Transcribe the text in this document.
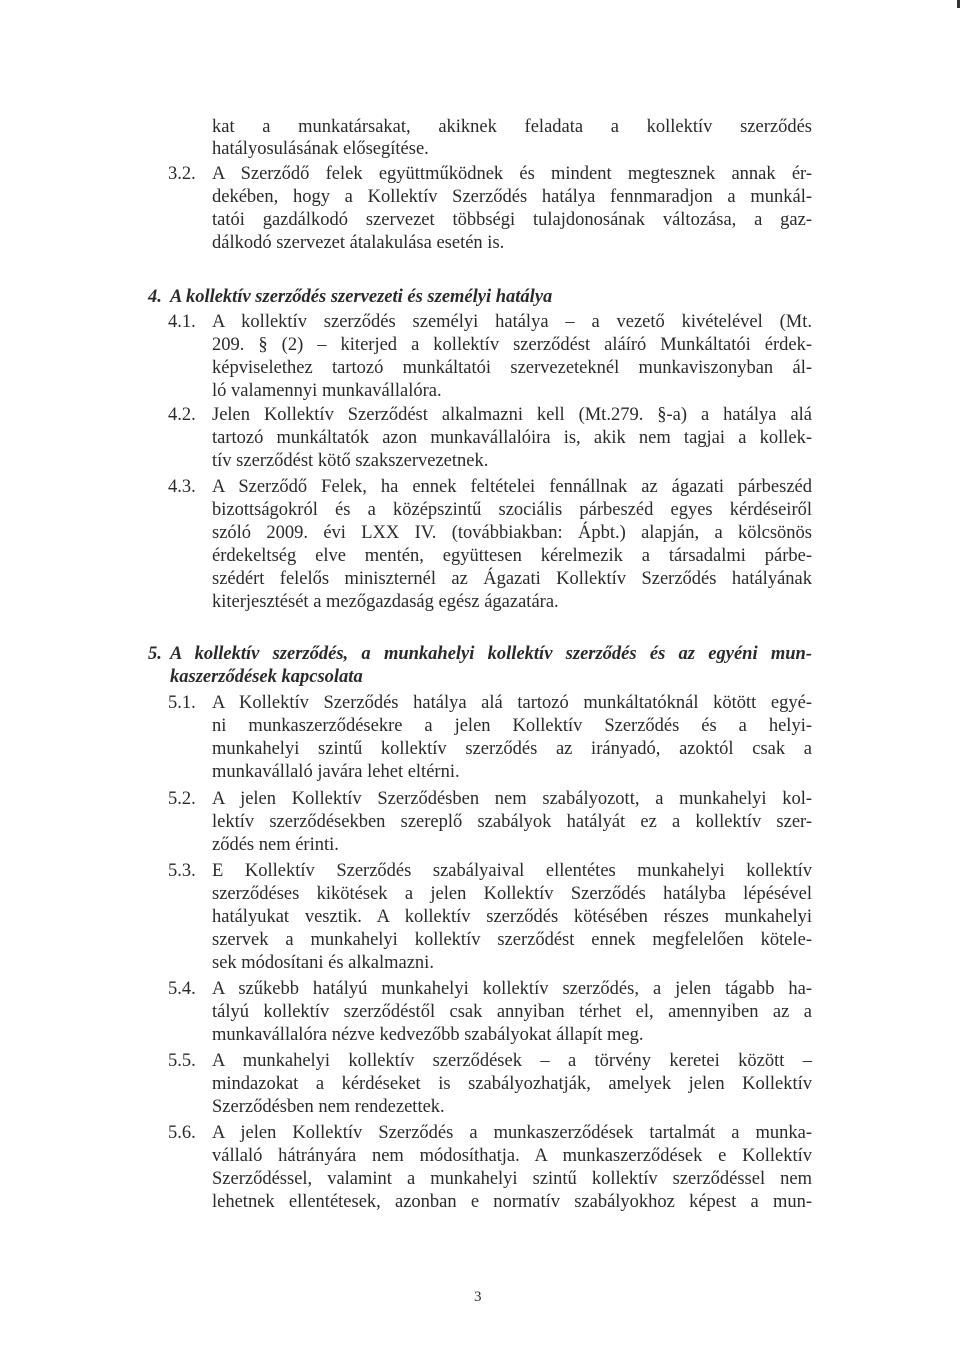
kat a munkatársakat, akiknek feladata a kollektív szerződés
hatályosulásának elősegítése.
3.2. A Szerződő felek együttműködnek és mindent megtesznek annak ér-
dekében, hogy a Kollektív Szerződés hatálya fennmaradjon a munkál-
tatói gazdálkodó szervezet többségi tulajdonosának változása, a gaz-
dálkodó szervezet átalakulása esetén is.
4. A kollektív szerződés szervezeti és személyi hatálya
4.1. A kollektív szerződés személyi hatálya – a vezető kivételével (Mt.
209. § (2) – kiterjed a kollektív szerződést aláíró Munkáltatói érdek-
képviselethez tartozó munkáltatói szervezeteknél munkaviszonyban ál-
ló valamennyi munkavállalóra.
4.2. Jelen Kollektív Szerződést alkalmazni kell (Mt.279. §-a) a hatálya alá
tartozó munkáltatók azon munkavállalóira is, akik nem tagjai a kollek-
tív szerződést kötő szakszervezetnek.
4.3. A Szerződő Felek, ha ennek feltételei fennállnak az ágazati párbeszéd
bizottságokról és a középszintű szociális párbeszéd egyes kérdéseiről
szóló 2009. évi LXX IV. (továbbiakban: Ápbt.) alapján, a kölcsönös
érdekeltség elve mentén, együttesen kérelmezik a társadalmi párbe-
szédért felelős miniszternél az Ágazati Kollektív Szerződés hatályának
kiterjesztését a mezőgazdaság egész ágazatára.
5. A kollektív szerződés, a munkahelyi kollektív szerződés és az egyéni mun-
kaszerződések kapcsolata
5.1. A Kollektív Szerződés hatálya alá tartozó munkáltatóknál kötött egyé-
ni munkaszerződésekre a jelen Kollektív Szerződés és a helyi-
munkahelyi szintű kollektív szerződés az irányadó, azoktól csak a
munkavállaló javára lehet eltérni.
5.2. A jelen Kollektív Szerződésben nem szabályozott, a munkahelyi kol-
lektív szerződésekben szereplő szabályok hatályát ez a kollektív szer-
ződés nem érinti.
5.3. E Kollektív Szerződés szabályaival ellentétes munkahelyi kollektív
szerződéses kikötések a jelen Kollektív Szerződés hatályba lépésével
hatályukat vesztik. A kollektív szerződés kötésében részes munkahelyi
szervek a munkahelyi kollektív szerződést ennek megfelelően kötele-
sek módosítani és alkalmazni.
5.4. A szűkebb hatályú munkahelyi kollektív szerződés, a jelen tágabb ha-
tályú kollektív szerződéstől csak annyiban térhet el, amennyiben az a
munkavállalóra nézve kedvezőbb szabályokat állapít meg.
5.5. A munkahelyi kollektív szerződések – a törvény keretei között –
mindazokat a kérdéseket is szabályozhatják, amelyek jelen Kollektív
Szerződésben nem rendezettek.
5.6. A jelen Kollektív Szerződés a munkaszerződések tartalmát a munka-
vállaló hátrányára nem módosíthatja. A munkaszerződések e Kollektív
Szerződéssel, valamint a munkahelyi szintű kollektív szerződéssel nem
lehetnek ellentétesek, azonban e normatív szabályokhoz képest a mun-
3
